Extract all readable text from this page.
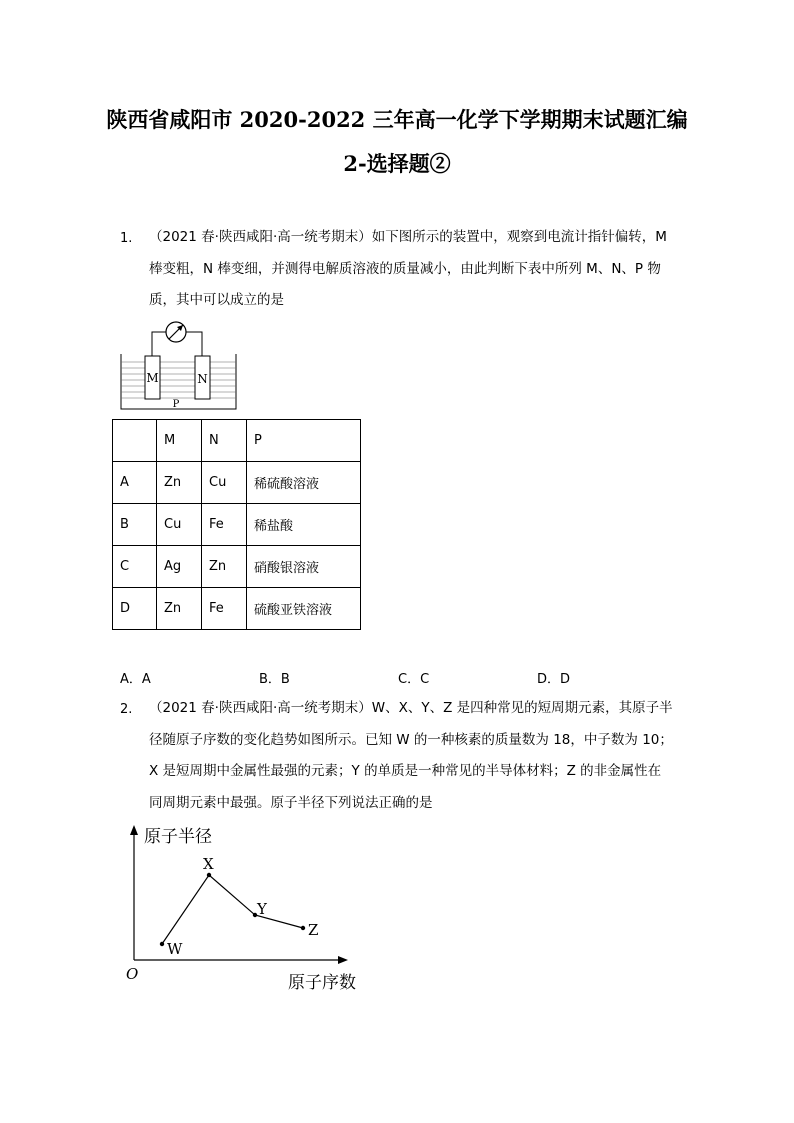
陕西省咸阳市 2020-2022 三年高一化学下学期期末试题汇编
2-选择题②
1. （2021 春·陕西咸阳·高一统考期末）如下图所示的装置中，观察到电流计指针偏转，M
棒变粗，N 棒变细，并测得电解质溶液的质量减小，由此判断下表中所列 M、N、P 物
质，其中可以成立的是
M	N
P
	M	N	P
A	Zn	Cu	稀硫酸溶液
B	Cu	Fe	稀盐酸
C	Ag	Zn	硝酸银溶液
D	Zn	Fe	硫酸亚铁溶液
A．A	B．B	C．C	D．D
2. （2021 春·陕西咸阳·高一统考期末）W、X、Y、Z 是四种常见的短周期元素，其原子半
径随原子序数的变化趋势如图所示。已知 W 的一种核素的质量数为 18，中子数为 10；
X 是短周期中金属性最强的元素；Y 的单质是一种常见的半导体材料；Z 的非金属性在
同周期元素中最强。原子半径下列说法正确的是
原子半径
原子序数
O
W
X
Y
Z
